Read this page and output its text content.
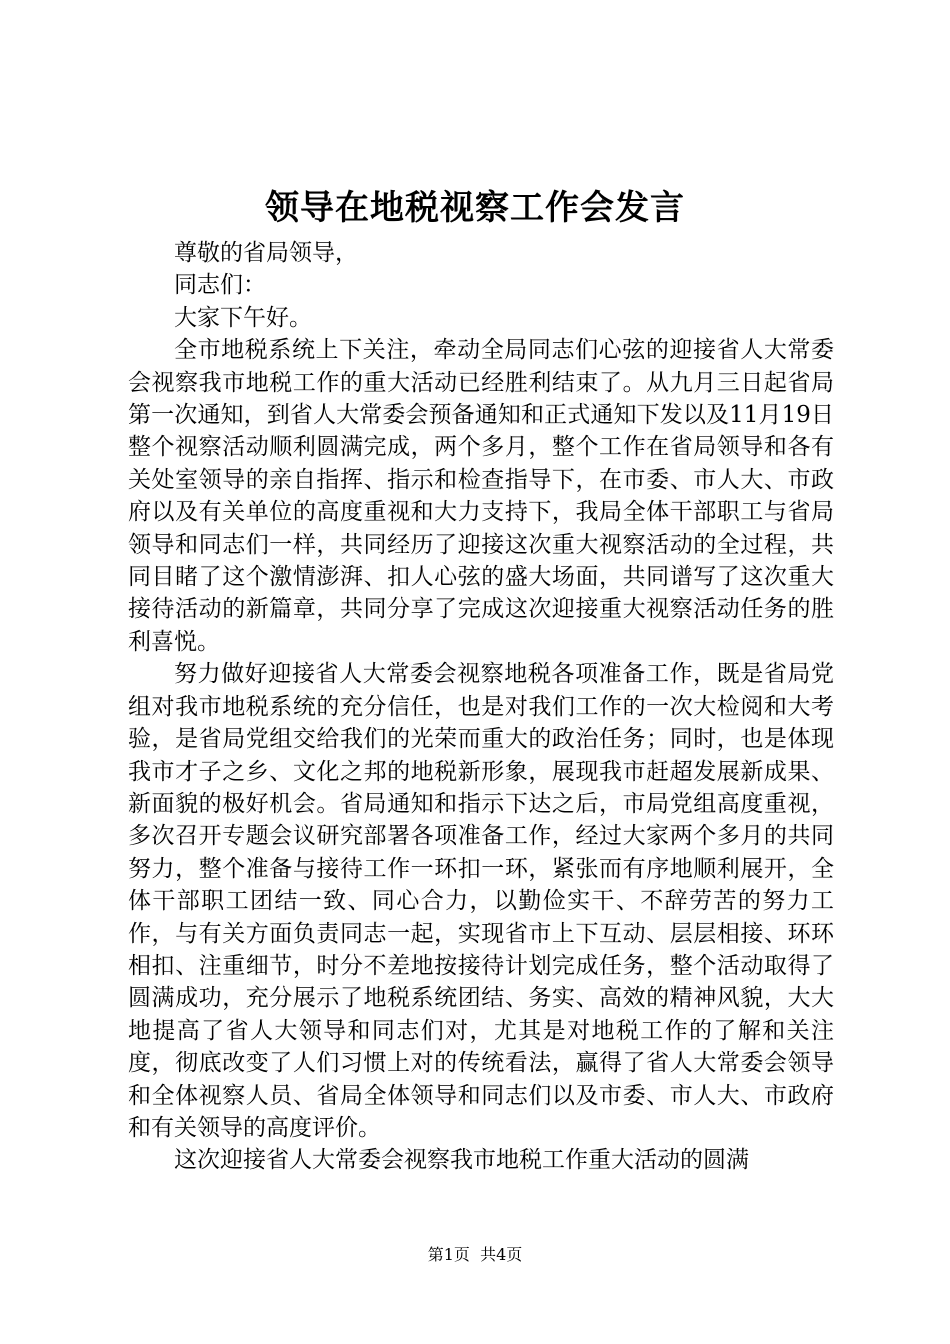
领导在地税视察工作会发言

尊敬的省局领导，

同志们：

大家下午好。

全市地税系统上下关注，牵动全局同志们心弦的迎接省人大常委会视察我市地税工作的重大活动已经胜利结束了。从九月三日起省局第一次通知，到省人大常委会预备通知和正式通知下发以及11月19日整个视察活动顺利圆满完成，两个多月，整个工作在省局领导和各有关处室领导的亲自指挥、指示和检查指导下，在市委、市人大、市政府以及有关单位的高度重视和大力支持下，我局全体干部职工与省局领导和同志们一样，共同经历了迎接这次重大视察活动的全过程，共同目睹了这个激情澎湃、扣人心弦的盛大场面，共同谱写了这次重大接待活动的新篇章，共同分享了完成这次迎接重大视察活动任务的胜利喜悦。

努力做好迎接省人大常委会视察地税各项准备工作，既是省局党组对我市地税系统的充分信任，也是对我们工作的一次大检阅和大考验，是省局党组交给我们的光荣而重大的政治任务；同时，也是体现我市才子之乡、文化之邦的地税新形象，展现我市赶超发展新成果、新面貌的极好机会。省局通知和指示下达之后，市局党组高度重视，多次召开专题会议研究部署各项准备工作，经过大家两个多月的共同努力，整个准备与接待工作一环扣一环，紧张而有序地顺利展开，全体干部职工团结一致、同心合力，以勤俭实干、不辞劳苦的努力工作，与有关方面负责同志一起，实现省市上下互动、层层相接、环环相扣、注重细节，时分不差地按接待计划完成任务，整个活动取得了圆满成功，充分展示了地税系统团结、务实、高效的精神风貌，大大地提高了省人大领导和同志们对，尤其是对地税工作的了解和关注度，彻底改变了人们习惯上对的传统看法，赢得了省人大常委会领导和全体视察人员、省局全体领导和同志们以及市委、市人大、市政府和有关领导的高度评价。

这次迎接省人大常委会视察我市地税工作重大活动的圆满

第1页 共4页
